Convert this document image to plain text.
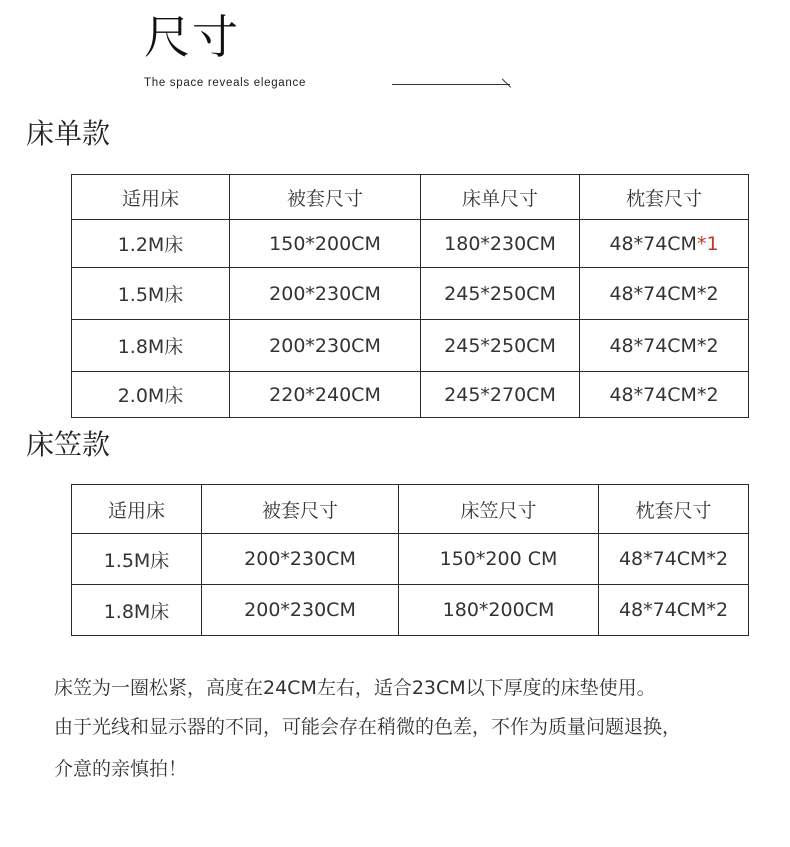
尺寸
The space reveals elegance
床单款
适用床	被套尺寸	床单尺寸	枕套尺寸
1.2M床	150*200CM	180*230CM	48*74CM*1
1.5M床	200*230CM	245*250CM	48*74CM*2
1.8M床	200*230CM	245*250CM	48*74CM*2
2.0M床	220*240CM	245*270CM	48*74CM*2
床笠款
适用床	被套尺寸	床笠尺寸	枕套尺寸
1.5M床	200*230CM	150*200 CM	48*74CM*2
1.8M床	200*230CM	180*200CM	48*74CM*2
床笠为一圈松紧，高度在24CM左右，适合23CM以下厚度的床垫使用。
由于光线和显示器的不同，可能会存在稍微的色差，不作为质量问题退换，
介意的亲慎拍！
